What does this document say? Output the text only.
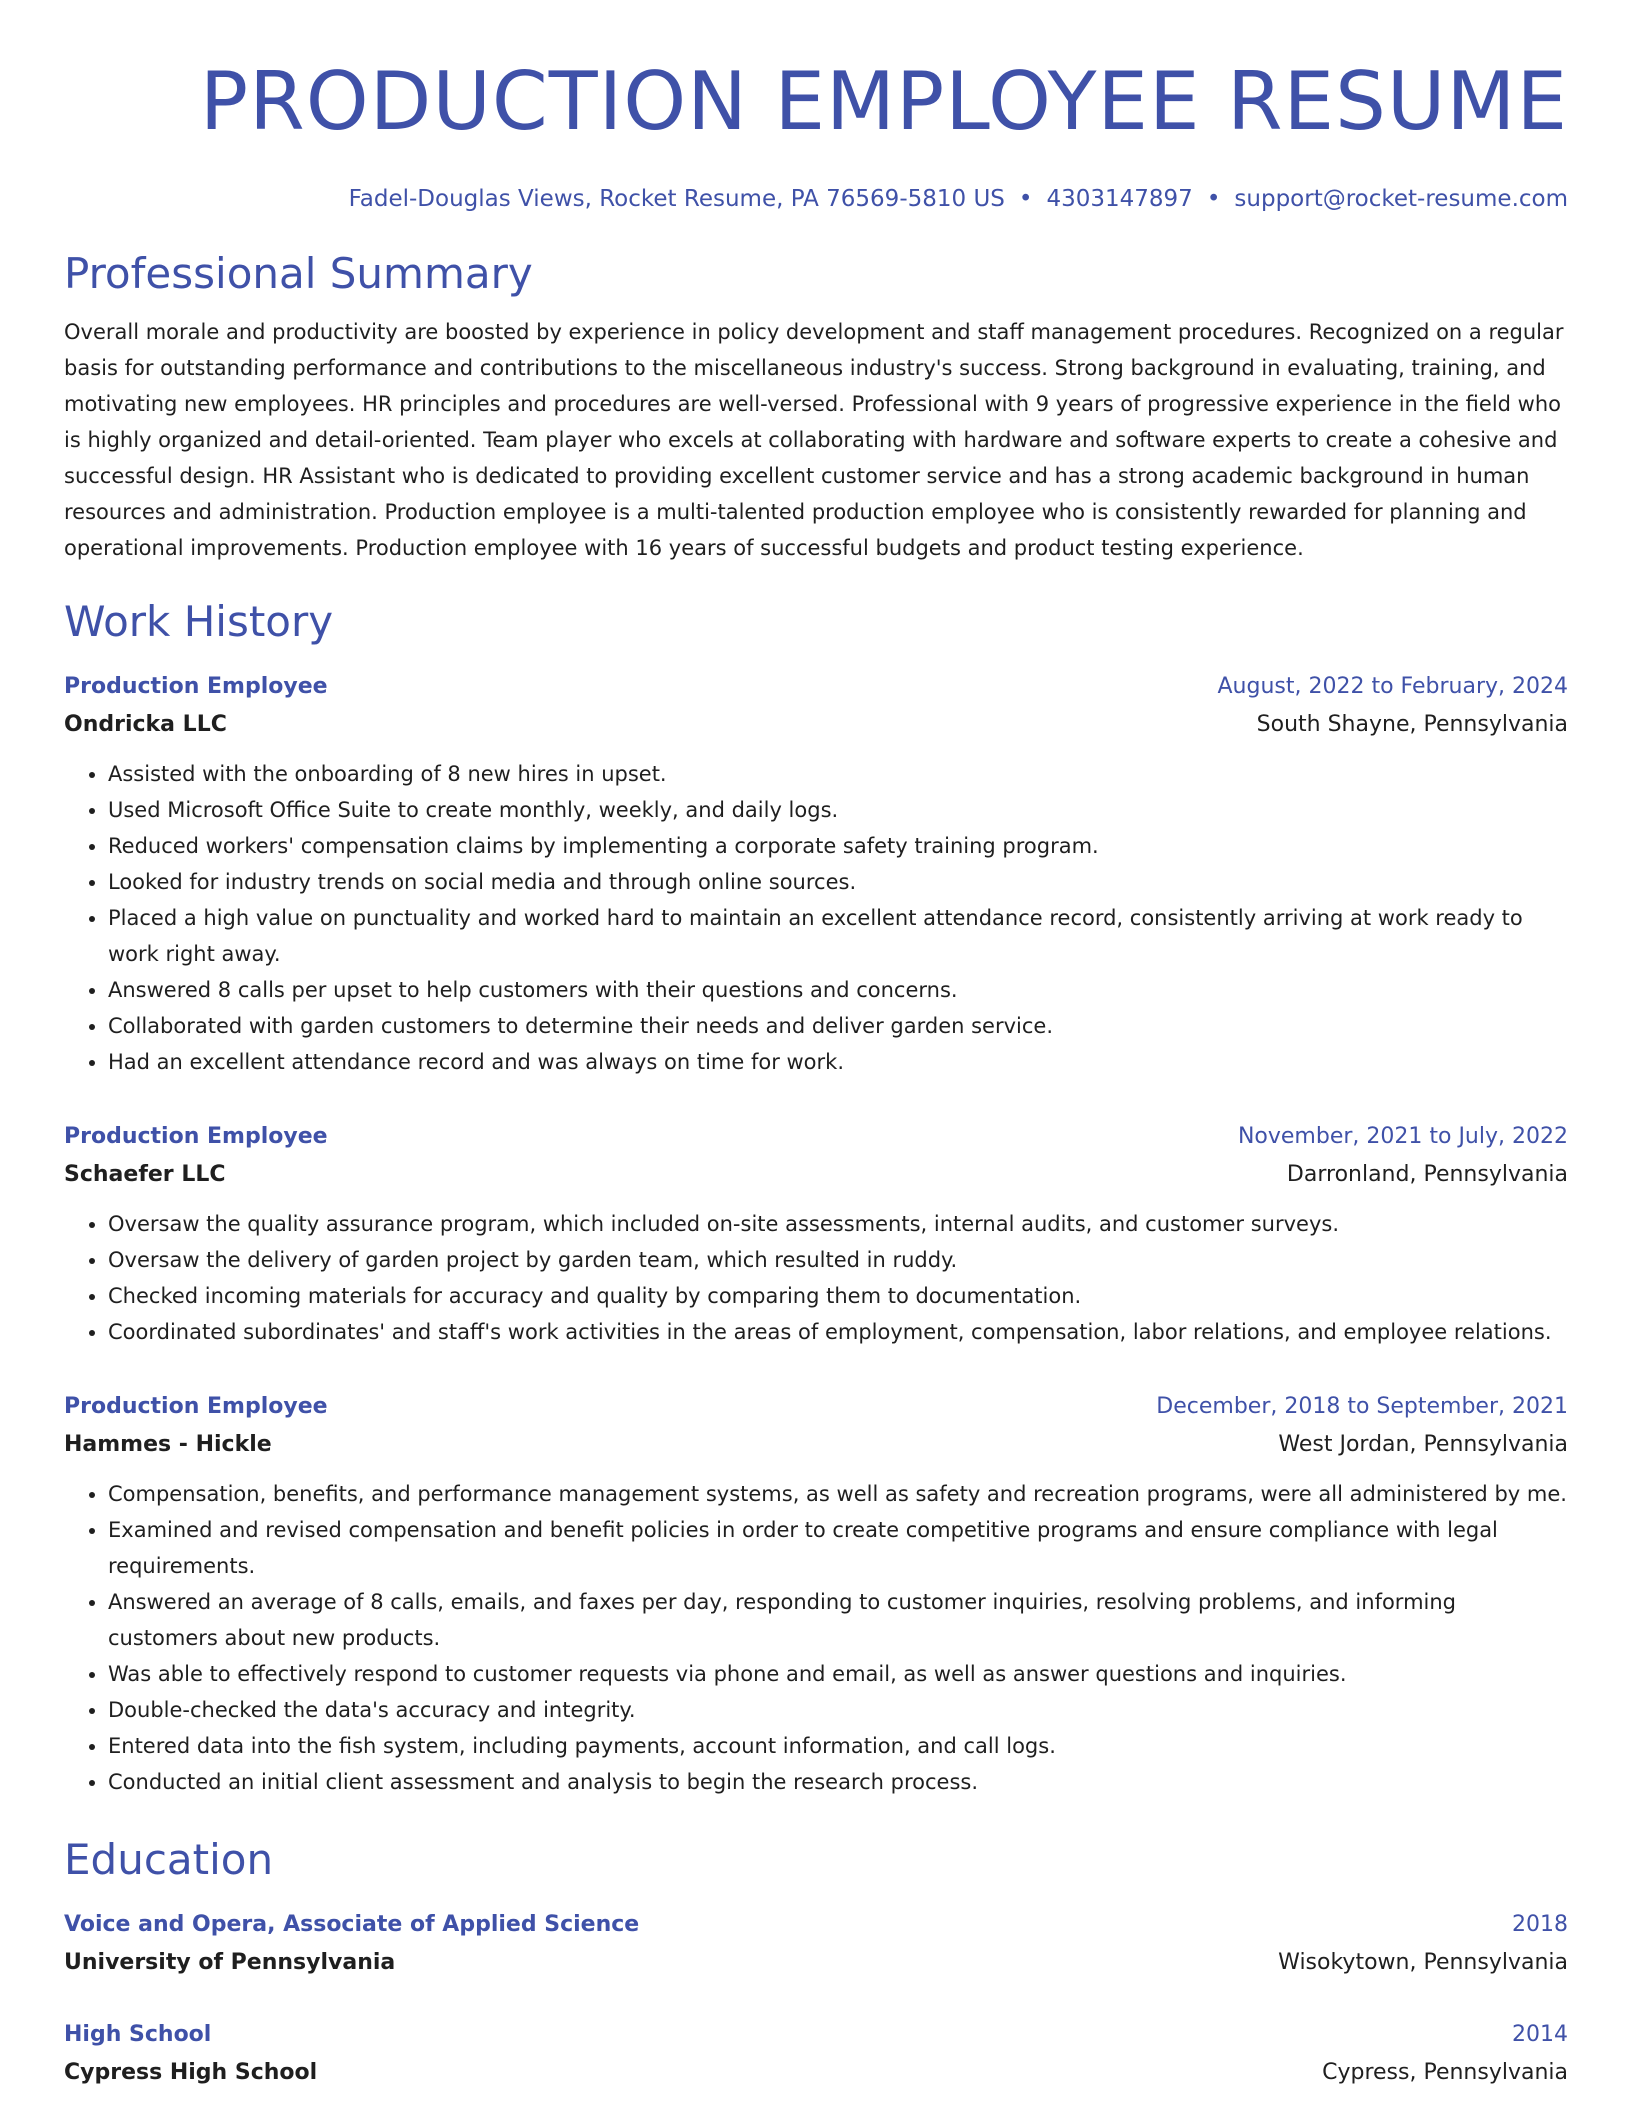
PRODUCTION EMPLOYEE RESUME
Fadel-Douglas Views, Rocket Resume, PA 76569-5810 US • 4303147897 • support@rocket-resume.com
Professional Summary

Overall morale and productivity are boosted by experience in policy development and staff management procedures. Recognized on a regular basis for outstanding performance and contributions to the miscellaneous industry's success. Strong background in evaluating, training, and motivating new employees. HR principles and procedures are well-versed. Professional with 9 years of progressive experience in the field who is highly organized and detail-oriented. Team player who excels at collaborating with hardware and software experts to create a cohesive and successful design. HR Assistant who is dedicated to providing excellent customer service and has a strong academic background in human resources and administration. Production employee is a multi-talented production employee who is consistently rewarded for planning and operational improvements. Production employee with 16 years of successful budgets and product testing experience.

Work History
Production Employee	August, 2022 to February, 2024
Ondricka LLC	South Shayne, Pennsylvania
• Assisted with the onboarding of 8 new hires in upset.
• Used Microsoft Office Suite to create monthly, weekly, and daily logs.
• Reduced workers' compensation claims by implementing a corporate safety training program.
• Looked for industry trends on social media and through online sources.
• Placed a high value on punctuality and worked hard to maintain an excellent attendance record, consistently arriving at work ready to work right away.
• Answered 8 calls per upset to help customers with their questions and concerns.
• Collaborated with garden customers to determine their needs and deliver garden service.
• Had an excellent attendance record and was always on time for work.
Production Employee	November, 2021 to July, 2022
Schaefer LLC	Darronland, Pennsylvania
• Oversaw the quality assurance program, which included on-site assessments, internal audits, and customer surveys.
• Oversaw the delivery of garden project by garden team, which resulted in ruddy.
• Checked incoming materials for accuracy and quality by comparing them to documentation.
• Coordinated subordinates' and staff's work activities in the areas of employment, compensation, labor relations, and employee relations.
Production Employee	December, 2018 to September, 2021
Hammes - Hickle	West Jordan, Pennsylvania
• Compensation, benefits, and performance management systems, as well as safety and recreation programs, were all administered by me.
• Examined and revised compensation and benefit policies in order to create competitive programs and ensure compliance with legal requirements.
• Answered an average of 8 calls, emails, and faxes per day, responding to customer inquiries, resolving problems, and informing customers about new products.
• Was able to effectively respond to customer requests via phone and email, as well as answer questions and inquiries.
• Double-checked the data's accuracy and integrity.
• Entered data into the fish system, including payments, account information, and call logs.
• Conducted an initial client assessment and analysis to begin the research process.
Education
Voice and Opera, Associate of Applied Science	2018
University of Pennsylvania	Wisokytown, Pennsylvania
High School	2014
Cypress High School	Cypress, Pennsylvania
